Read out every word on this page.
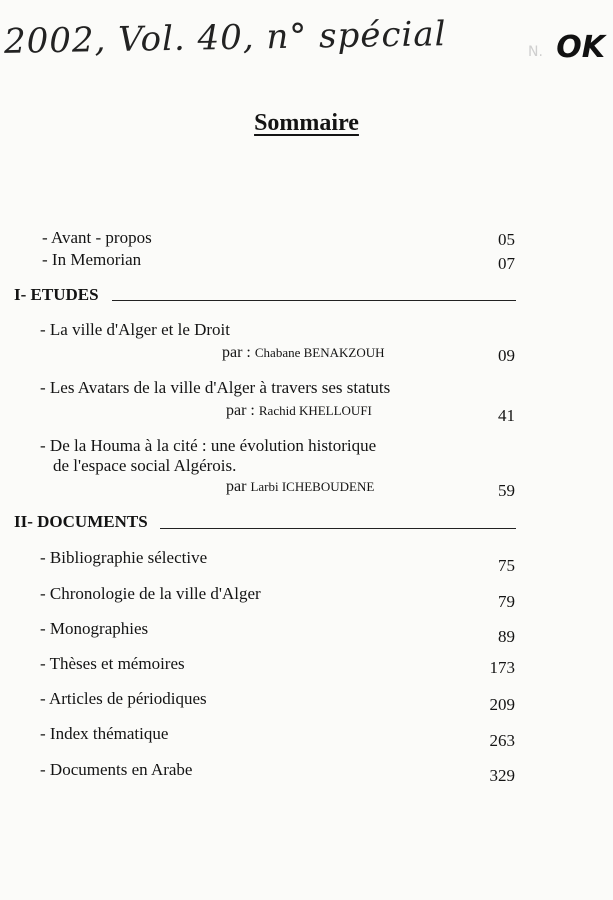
2002, Vol. 40, n° spécial	N. OK
Sommaire
- Avant - propos	05
- In Memorian	07
I- ETUDES
- La ville d'Alger et le Droit
par : Chabane BENAKZOUH	09
- Les Avatars de la ville d'Alger à travers ses statuts
par : Rachid KHELLOUFI	41
- De la Houma à la cité : une évolution historique
de l'espace social Algérois.
par Larbi ICHEBOUDENE	59
II- DOCUMENTS
- Bibliographie sélective	75
- Chronologie de la ville d'Alger	79
- Monographies	89
- Thèses et mémoires	173
- Articles de périodiques	209
- Index thématique	263
- Documents en Arabe	329
